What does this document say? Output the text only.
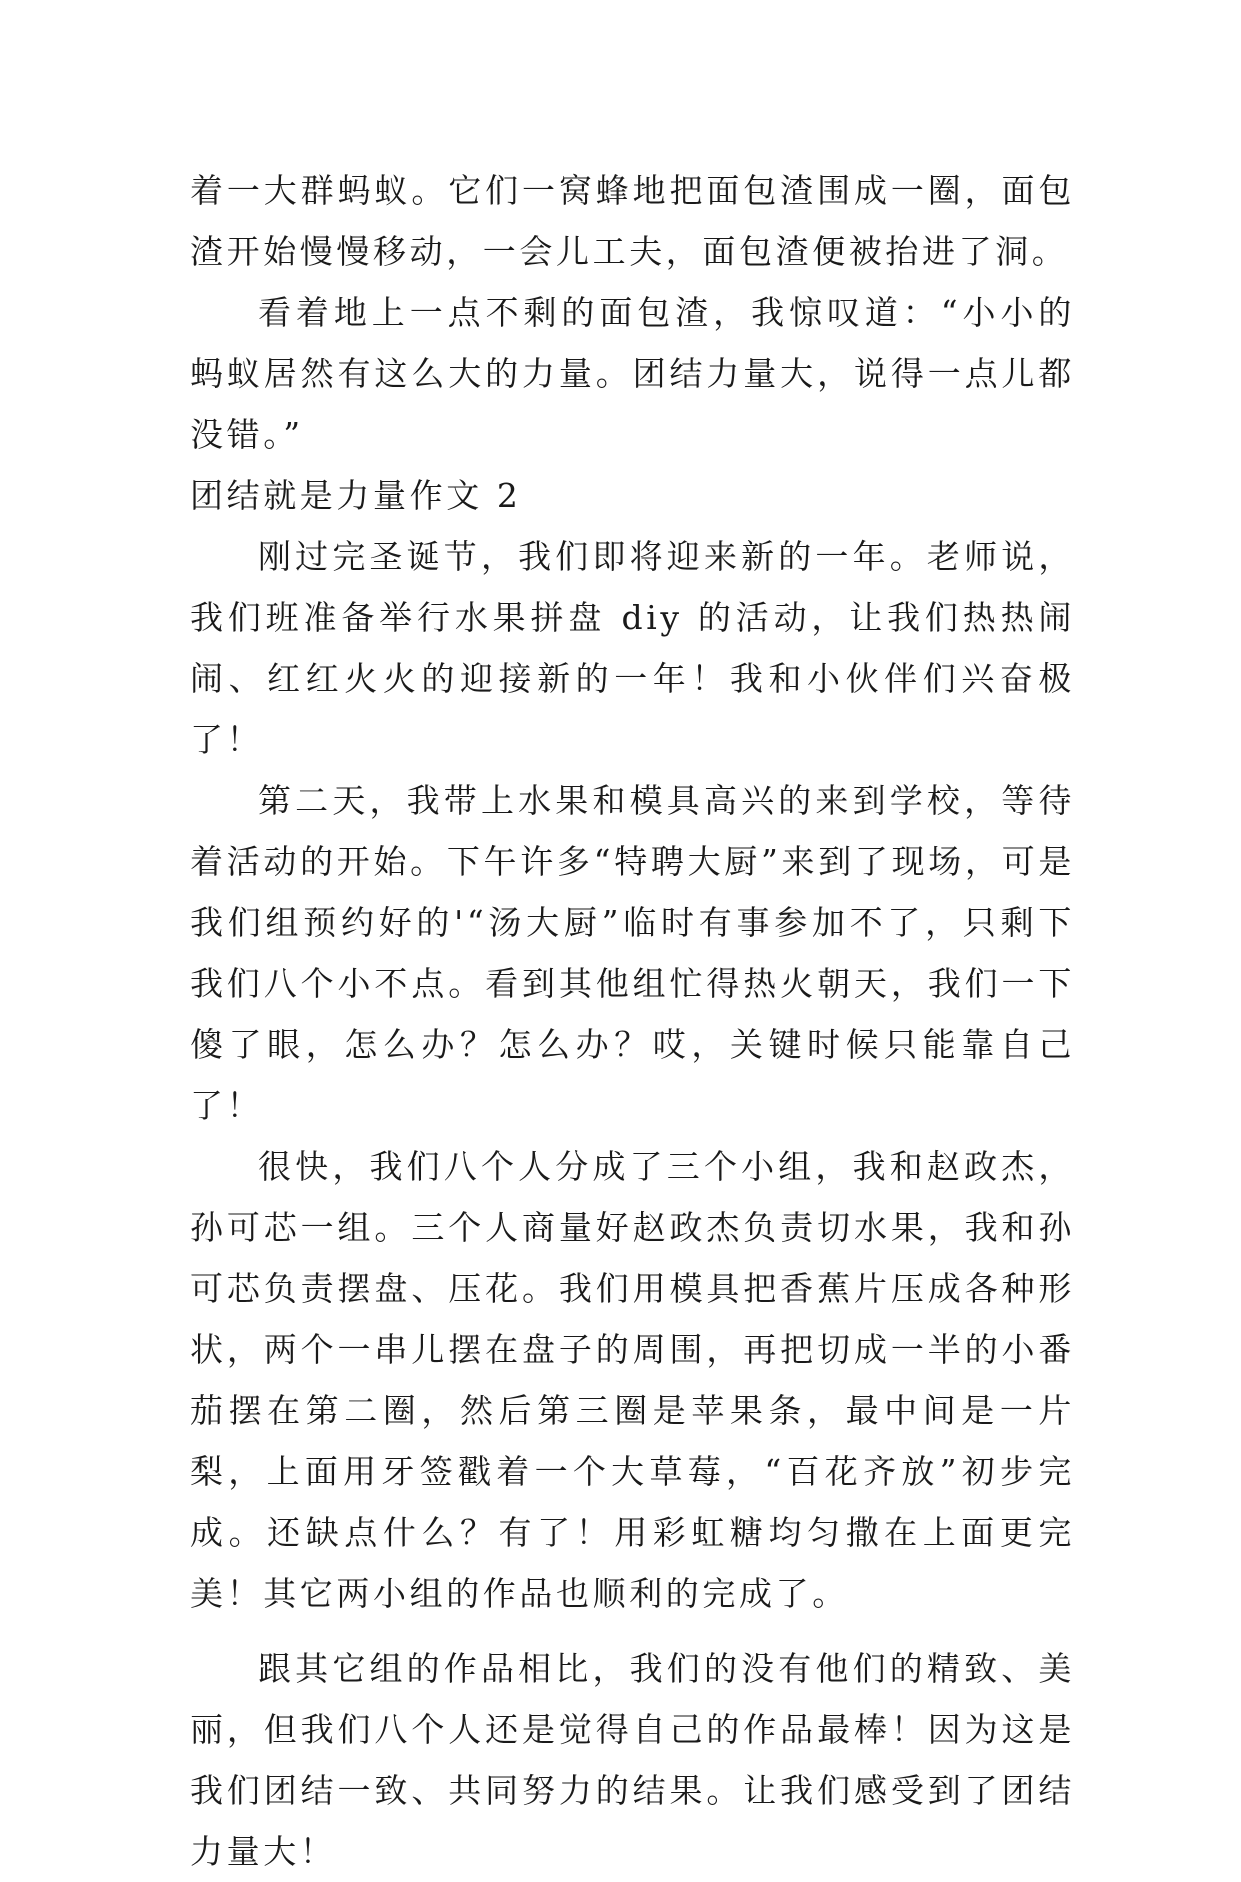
着一大群蚂蚁。它们一窝蜂地把面包渣围成一圈，面包渣开始慢慢移动，一会儿工夫，面包渣便被抬进了洞。

看着地上一点不剩的面包渣，我惊叹道：“小小的蚂蚁居然有这么大的力量。团结力量大，说得一点儿都没错。”

团结就是力量作文 2

刚过完圣诞节，我们即将迎来新的一年。老师说，我们班准备举行水果拼盘 diy 的活动，让我们热热闹闹、红红火火的迎接新的一年！我和小伙伴们兴奋极了！

第二天，我带上水果和模具高兴的来到学校，等待着活动的开始。下午许多“特聘大厨”来到了现场，可是我们组预约好的'“汤大厨”临时有事参加不了，只剩下我们八个小不点。看到其他组忙得热火朝天，我们一下傻了眼，怎么办？怎么办？哎，关键时候只能靠自己了！

很快，我们八个人分成了三个小组，我和赵政杰，孙可芯一组。三个人商量好赵政杰负责切水果，我和孙可芯负责摆盘、压花。我们用模具把香蕉片压成各种形状，两个一串儿摆在盘子的周围，再把切成一半的小番茄摆在第二圈，然后第三圈是苹果条，最中间是一片梨，上面用牙签戳着一个大草莓，“百花齐放”初步完成。还缺点什么？有了！用彩虹糖均匀撒在上面更完美！其它两小组的作品也顺利的完成了。

跟其它组的作品相比，我们的没有他们的精致、美丽，但我们八个人还是觉得自己的作品最棒！因为这是我们团结一致、共同努力的结果。让我们感受到了团结力量大！
